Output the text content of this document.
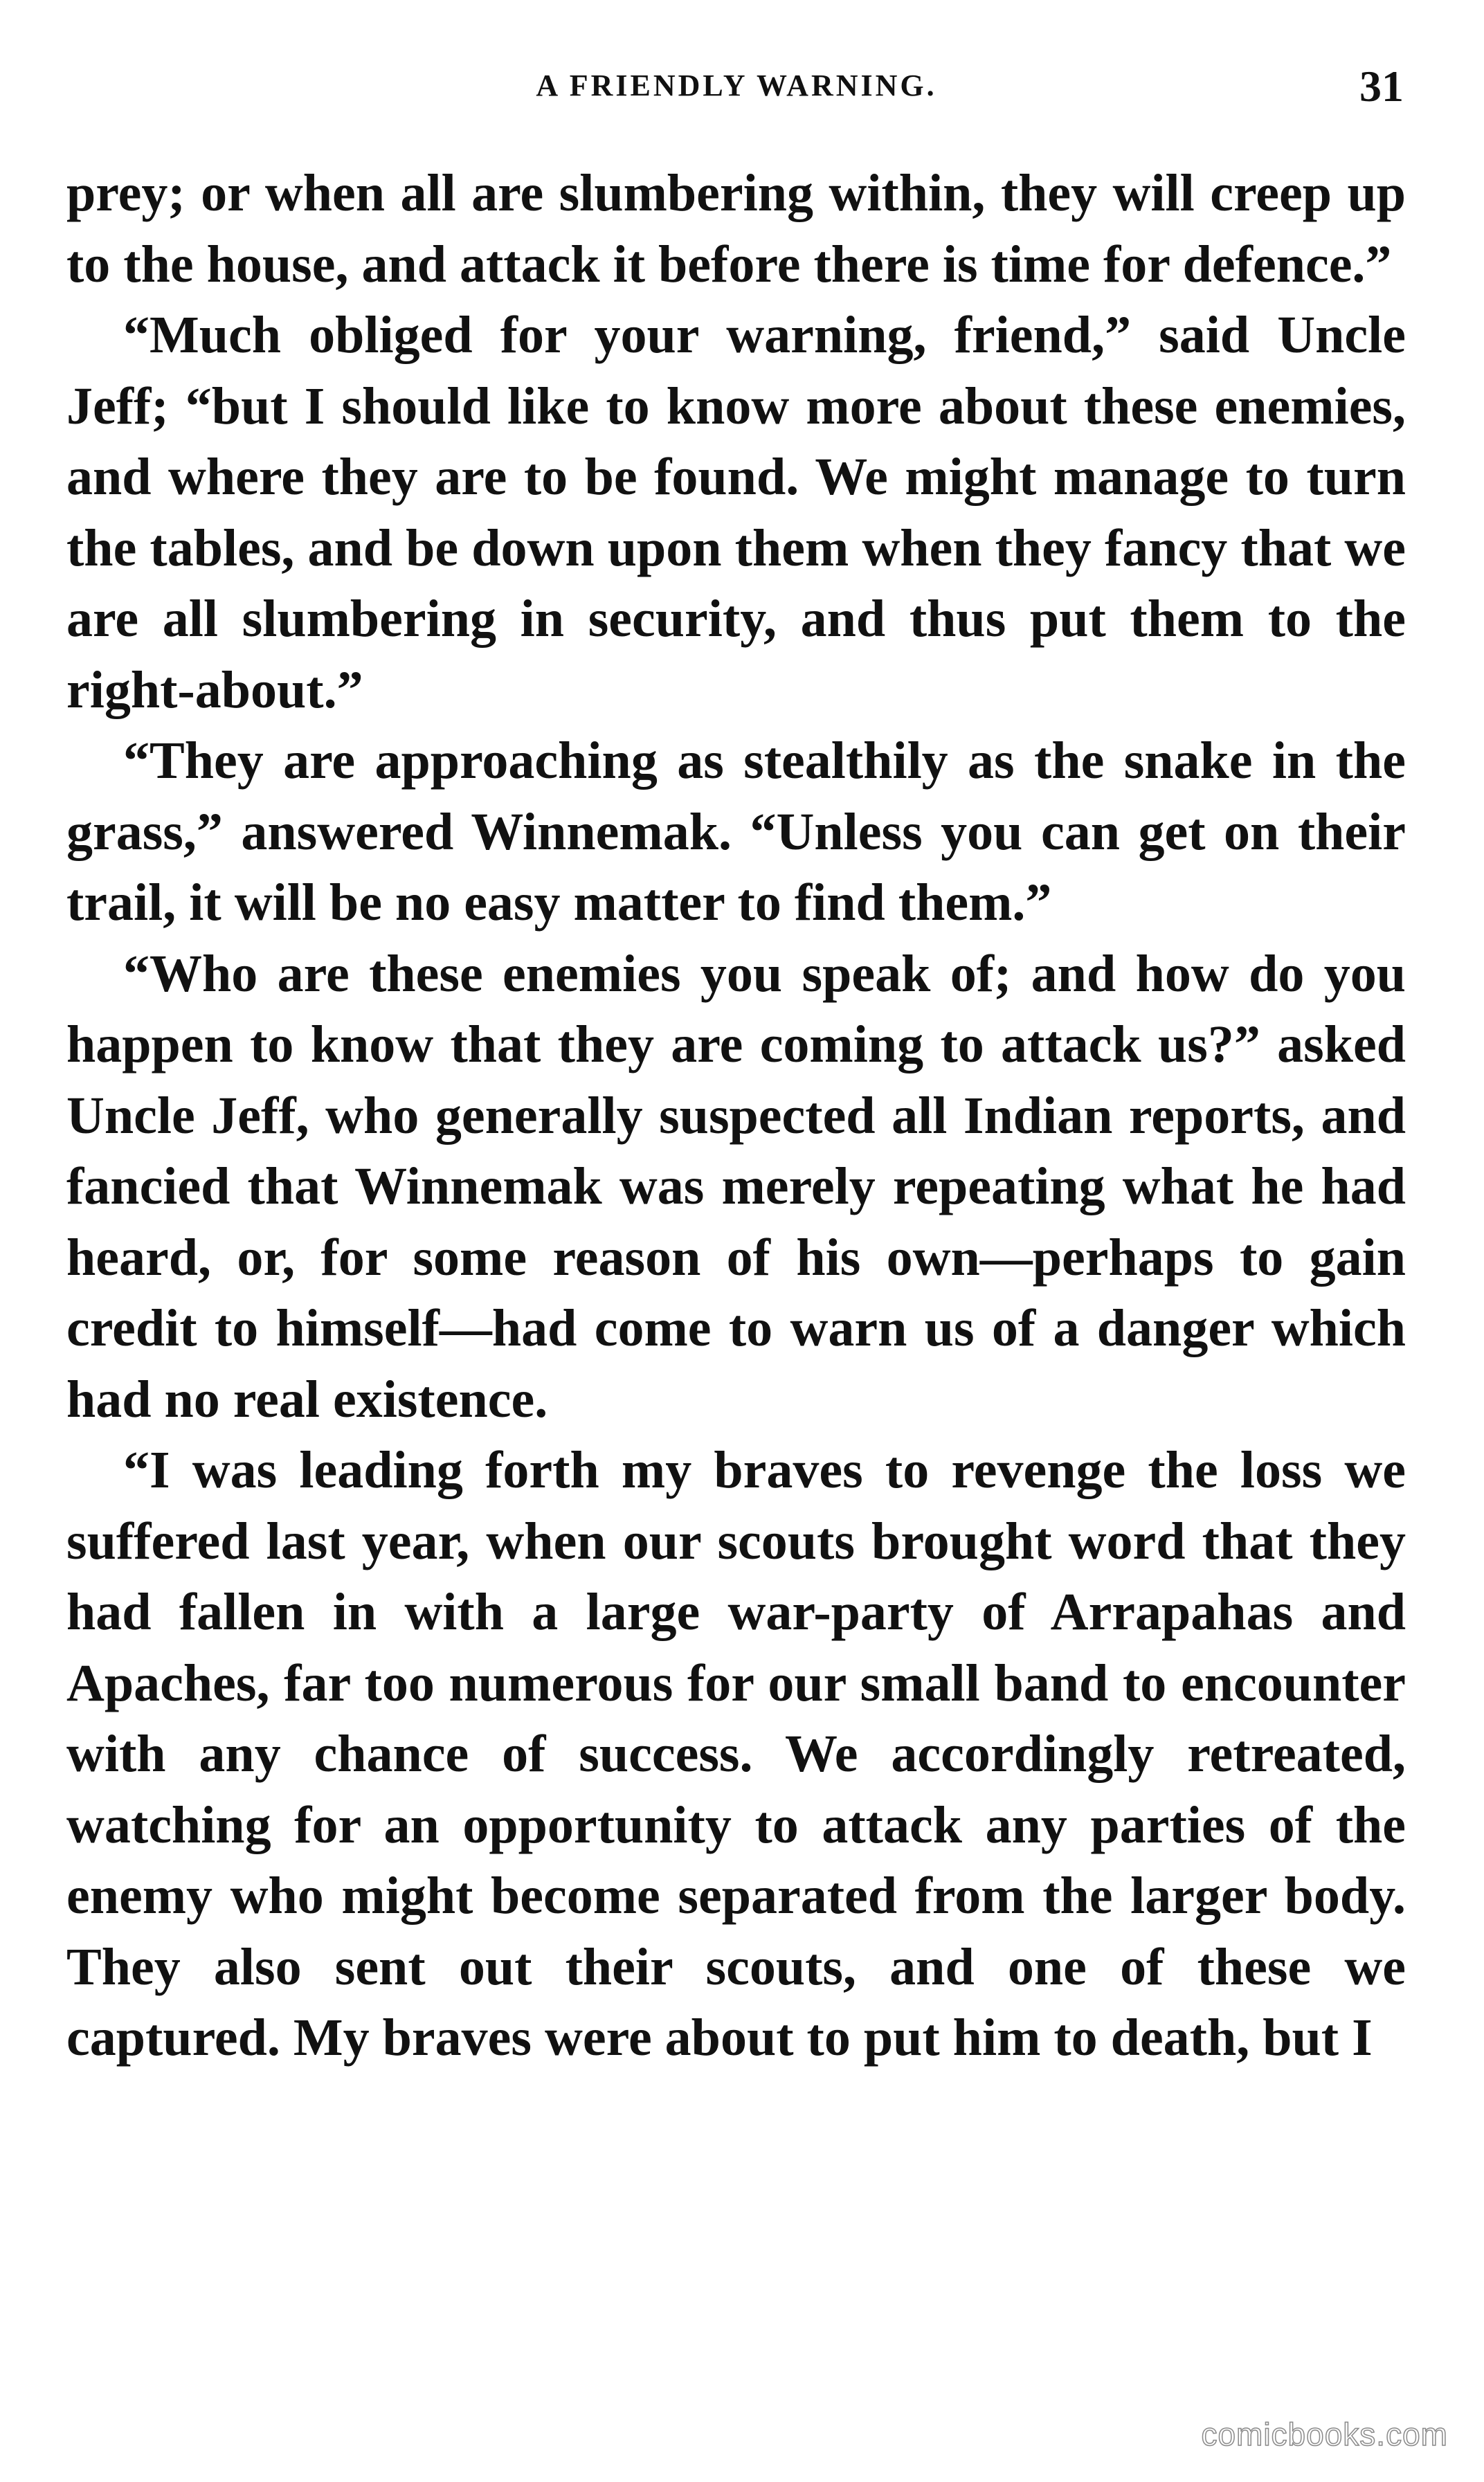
A FRIENDLY WARNING.	31

prey; or when all are slumbering within, they will creep up to the house, and attack it before there is time for defence.”

“Much obliged for your warning, friend,” said Uncle Jeff; “but I should like to know more about these enemies, and where they are to be found. We might manage to turn the tables, and be down upon them when they fancy that we are all slumbering in security, and thus put them to the right-about.”

“They are approaching as stealthily as the snake in the grass,” answered Winnemak. “Unless you can get on their trail, it will be no easy matter to find them.”

“Who are these enemies you speak of; and how do you happen to know that they are coming to attack us?” asked Uncle Jeff, who generally suspected all Indian reports, and fancied that Winnemak was merely repeating what he had heard, or, for some reason of his own—perhaps to gain credit to himself—had come to warn us of a danger which had no real existence.

“I was leading forth my braves to revenge the loss we suffered last year, when our scouts brought word that they had fallen in with a large war-party of Arrapahas and Apaches, far too numerous for our small band to encounter with any chance of success. We accordingly retreated, watching for an opportunity to attack any parties of the enemy who might become separated from the larger body. They also sent out their scouts, and one of these we captured. My braves were about to put him to death, but I

comicbooks.com
